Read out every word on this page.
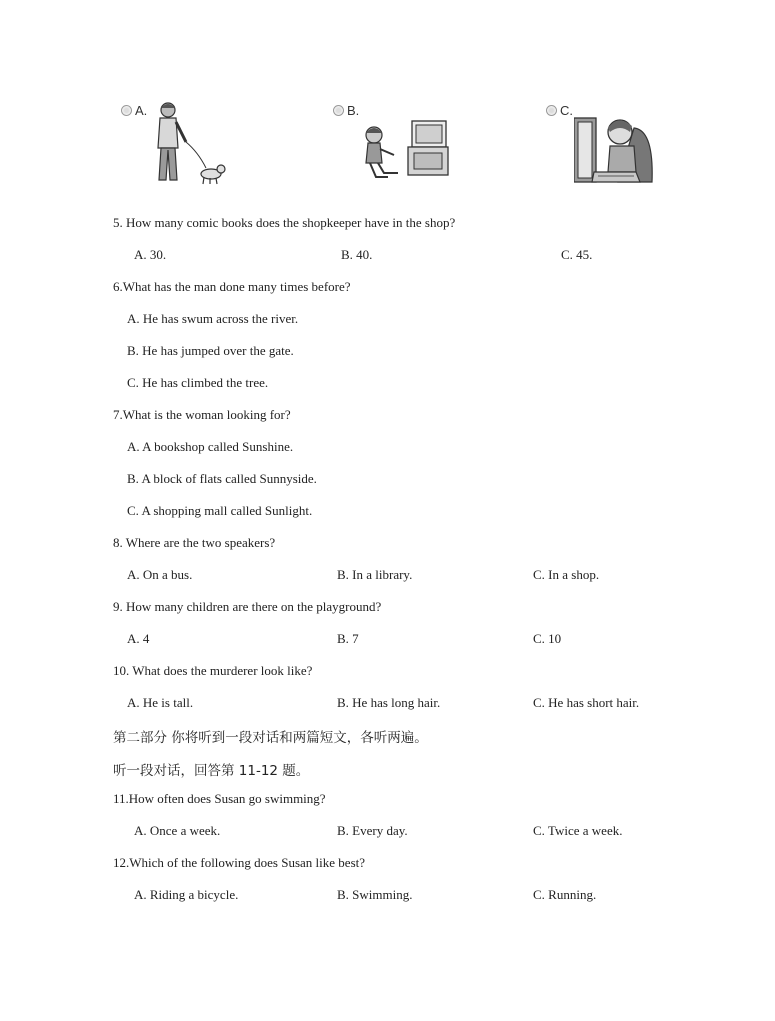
A.	B.	C.
5. How many comic books does the shopkeeper have in the shop?
A. 30.	B. 40.	C. 45.
6.What has the man done many times before?
A. He has swum across the river.
B. He has jumped over the gate.
C. He has climbed the tree.
7.What is the woman looking for?
A. A bookshop called Sunshine.
B. A block of flats called Sunnyside.
C. A shopping mall called Sunlight.
8. Where are the two speakers?
A. On a bus.	B. In a library.	C. In a shop.
9. How many children are there on the playground?
A. 4	B. 7	C. 10
10. What does the murderer look like?
A. He is tall.	B. He has long hair.	C. He has short hair.
第二部分 你将听到一段对话和两篇短文，各听两遍。
听一段对话，回答第 11-12 题。
11.How often does Susan go swimming?
A. Once a week.	B. Every day.	C. Twice a week.
12.Which of the following does Susan like best?
A. Riding a bicycle.	B. Swimming.	C. Running.
